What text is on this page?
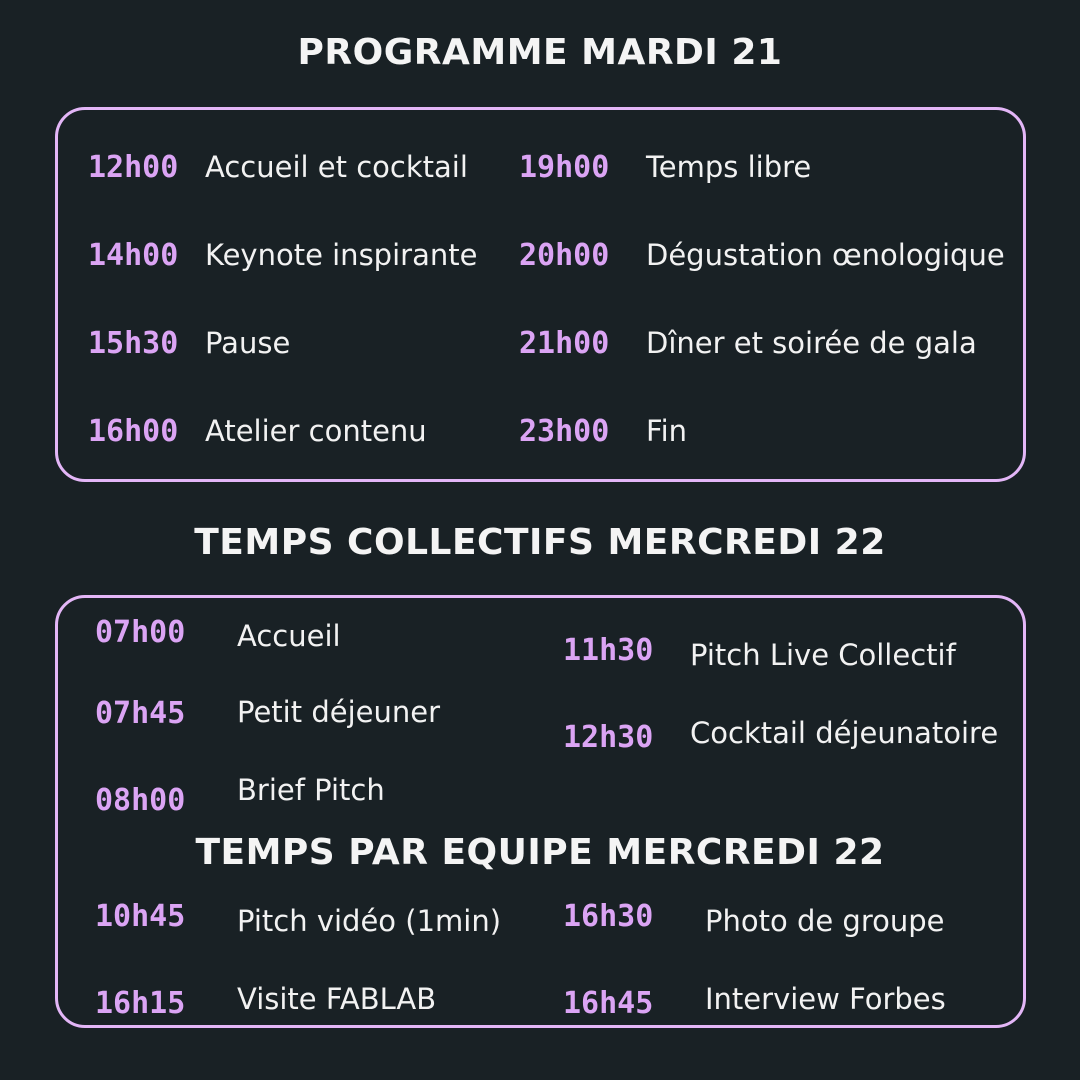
PROGRAMME MARDI 21
12h00 Accueil et cocktail
14h00 Keynote inspirante
15h30 Pause
16h00 Atelier contenu
19h00 Temps libre
20h00 Dégustation œnologique
21h00 Dîner et soirée de gala
23h00 Fin
TEMPS COLLECTIFS MERCREDI 22
07h00 Accueil
07h45 Petit déjeuner
08h00 Brief Pitch
11h30 Pitch Live Collectif
12h30 Cocktail déjeunatoire
TEMPS PAR EQUIPE MERCREDI 22
10h45 Pitch vidéo (1min)
16h15 Visite FABLAB
16h30 Photo de groupe
16h45 Interview Forbes
